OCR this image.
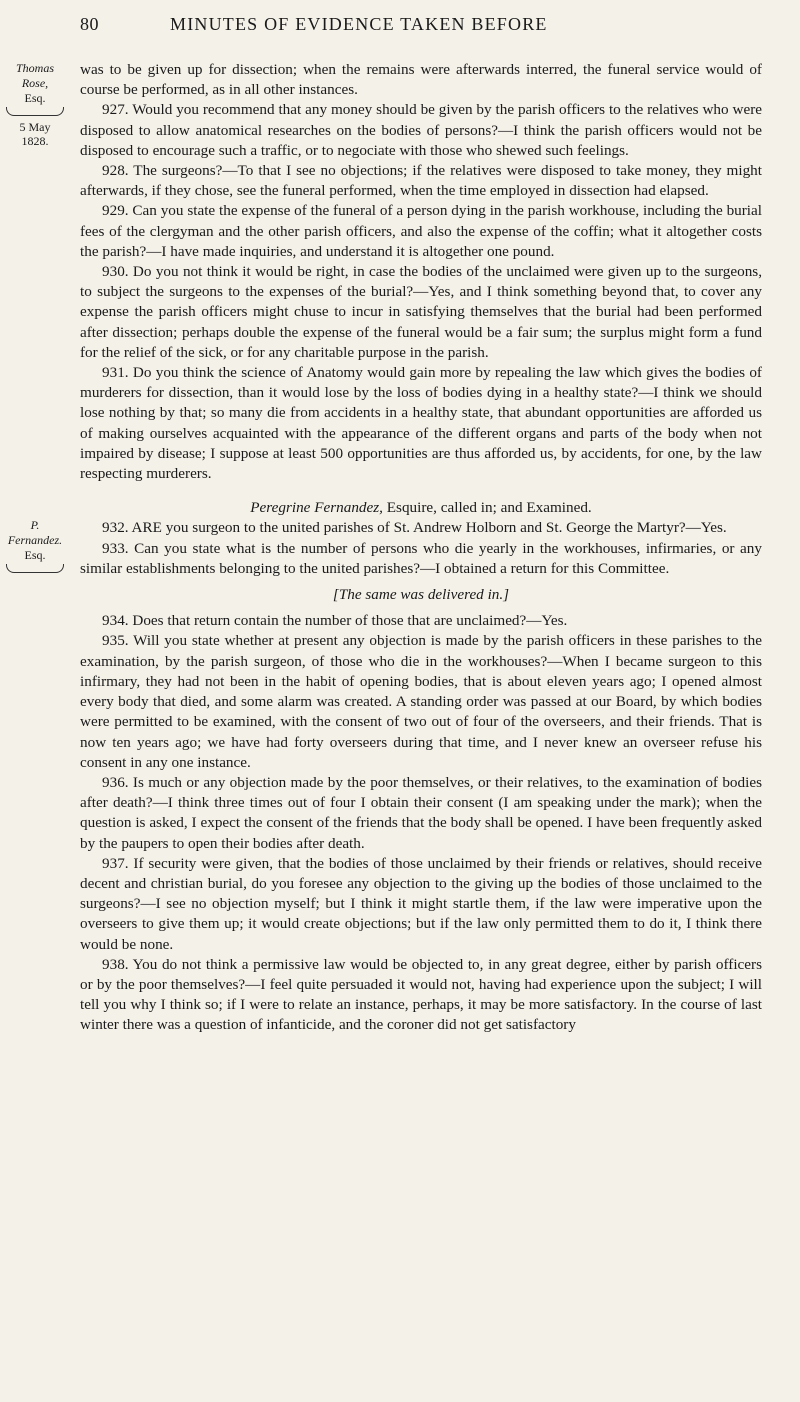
80	MINUTES OF EVIDENCE TAKEN BEFORE
Thomas Rose,
Esq.
5 May
1828.
P. Fernandez.
Esq.

was to be given up for dissection; when the remains were afterwards interred, the funeral service would of course be performed, as in all other instances.

927. Would you recommend that any money should be given by the parish officers to the relatives who were disposed to allow anatomical researches on the bodies of persons?—I think the parish officers would not be disposed to encourage such a traffic, or to negociate with those who shewed such feelings.

928. The surgeons?—To that I see no objections; if the relatives were disposed to take money, they might afterwards, if they chose, see the funeral performed, when the time employed in dissection had elapsed.

929. Can you state the expense of the funeral of a person dying in the parish workhouse, including the burial fees of the clergyman and the other parish officers, and also the expense of the coffin; what it altogether costs the parish?—I have made inquiries, and understand it is altogether one pound.

930. Do you not think it would be right, in case the bodies of the unclaimed were given up to the surgeons, to subject the surgeons to the expenses of the burial?—Yes, and I think something beyond that, to cover any expense the parish officers might chuse to incur in satisfying themselves that the burial had been performed after dissection; perhaps double the expense of the funeral would be a fair sum; the surplus might form a fund for the relief of the sick, or for any charitable purpose in the parish.

931. Do you think the science of Anatomy would gain more by repealing the law which gives the bodies of murderers for dissection, than it would lose by the loss of bodies dying in a healthy state?—I think we should lose nothing by that; so many die from accidents in a healthy state, that abundant opportunities are afforded us of making ourselves acquainted with the appearance of the different organs and parts of the body when not impaired by disease; I suppose at least 500 opportunities are thus afforded us, by accidents, for one, by the law respecting murderers.

Peregrine Fernandez, Esquire, called in; and Examined.

932. ARE you surgeon to the united parishes of St. Andrew Holborn and St. George the Martyr?—Yes.

933. Can you state what is the number of persons who die yearly in the workhouses, infirmaries, or any similar establishments belonging to the united parishes?—I obtained a return for this Committee.

[The same was delivered in.]

934. Does that return contain the number of those that are unclaimed?—Yes.

935. Will you state whether at present any objection is made by the parish officers in these parishes to the examination, by the parish surgeon, of those who die in the workhouses?—When I became surgeon to this infirmary, they had not been in the habit of opening bodies, that is about eleven years ago; I opened almost every body that died, and some alarm was created. A standing order was passed at our Board, by which bodies were permitted to be examined, with the consent of two out of four of the overseers, and their friends. That is now ten years ago; we have had forty overseers during that time, and I never knew an overseer refuse his consent in any one instance.

936. Is much or any objection made by the poor themselves, or their relatives, to the examination of bodies after death?—I think three times out of four I obtain their consent (I am speaking under the mark); when the question is asked, I expect the consent of the friends that the body shall be opened. I have been frequently asked by the paupers to open their bodies after death.

937. If security were given, that the bodies of those unclaimed by their friends or relatives, should receive decent and christian burial, do you foresee any objection to the giving up the bodies of those unclaimed to the surgeons?—I see no objection myself; but I think it might startle them, if the law were imperative upon the overseers to give them up; it would create objections; but if the law only permitted them to do it, I think there would be none.

938. You do not think a permissive law would be objected to, in any great degree, either by parish officers or by the poor themselves?—I feel quite persuaded it would not, having had experience upon the subject; I will tell you why I think so; if I were to relate an instance, perhaps, it may be more satisfactory. In the course of last winter there was a question of infanticide, and the coroner did not get satisfactory
